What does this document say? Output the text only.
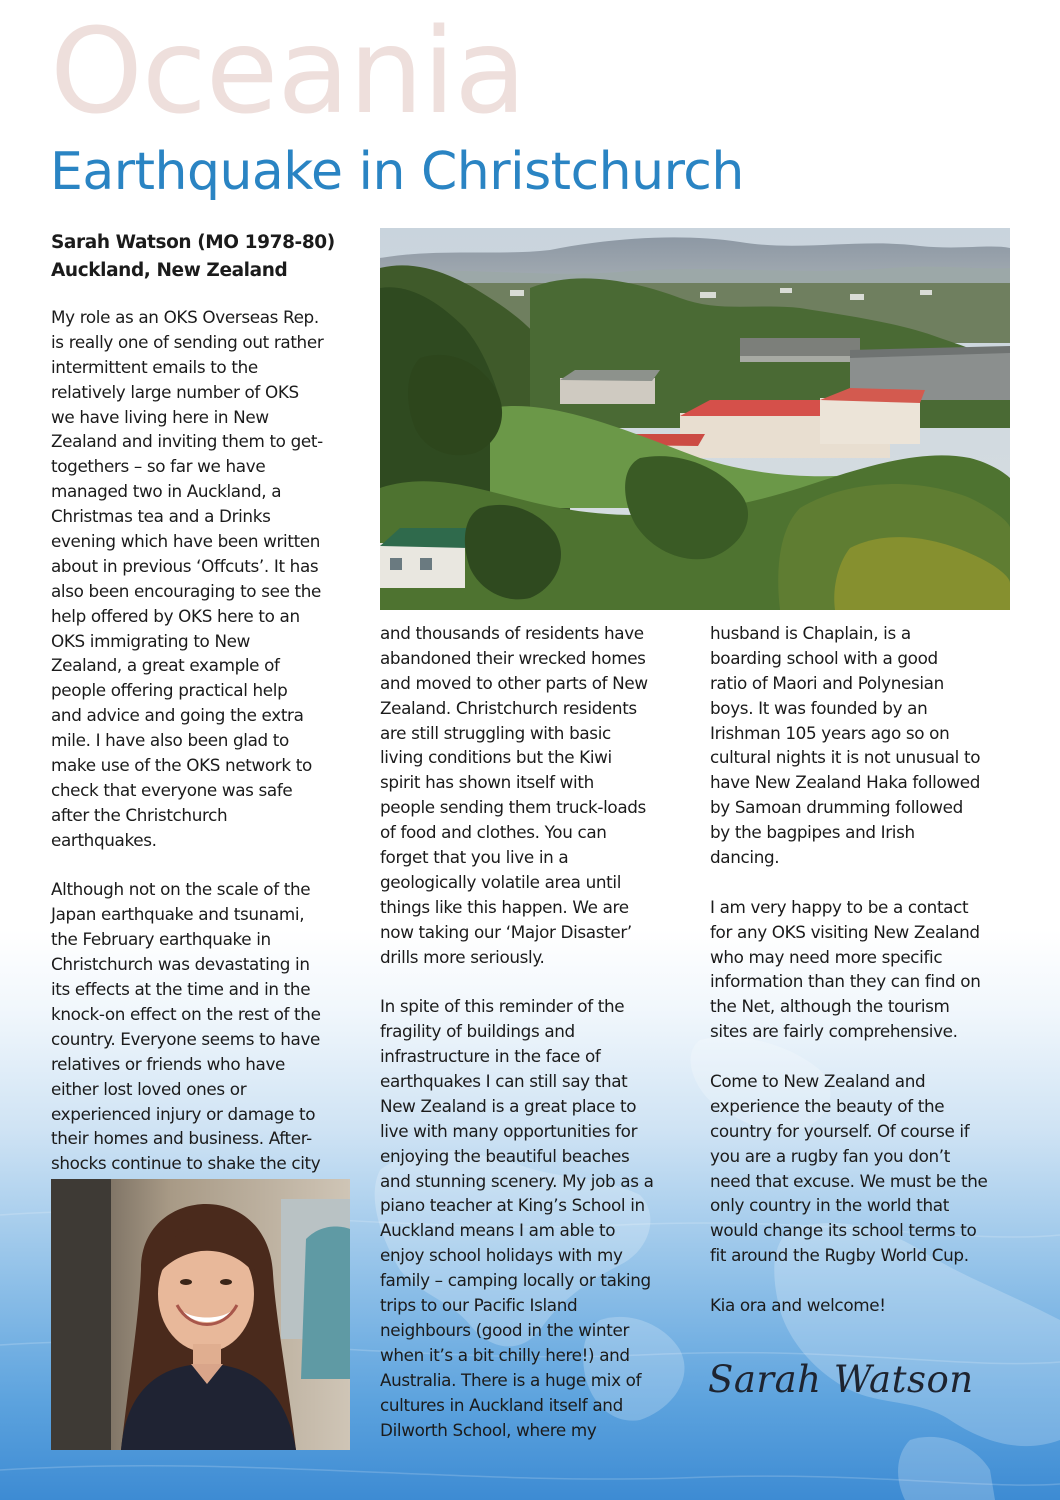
Oceania
Earthquake in Christchurch
Sarah Watson (MO 1978-80)
Auckland, New Zealand
My role as an OKS Overseas Rep.
is really one of sending out rather
intermittent emails to the
relatively large number of OKS
we have living here in New
Zealand and inviting them to get-
togethers – so far we have
managed two in Auckland, a
Christmas tea and a Drinks
evening which have been written
about in previous ‘Offcuts’. It has
also been encouraging to see the
help offered by OKS here to an
OKS immigrating to New
Zealand, a great example of
people offering practical help
and advice and going the extra
mile. I have also been glad to
make use of the OKS network to
check that everyone was safe
after the Christchurch
earthquakes.
Although not on the scale of the
Japan earthquake and tsunami,
the February earthquake in
Christchurch was devastating in
its effects at the time and in the
knock-on effect on the rest of the
country. Everyone seems to have
relatives or friends who have
either lost loved ones or
experienced injury or damage to
their homes and business. After-
shocks continue to shake the city
and thousands of residents have
abandoned their wrecked homes
and moved to other parts of New
Zealand. Christchurch residents
are still struggling with basic
living conditions but the Kiwi
spirit has shown itself with
people sending them truck-loads
of food and clothes. You can
forget that you live in a
geologically volatile area until
things like this happen. We are
now taking our ‘Major Disaster’
drills more seriously.
In spite of this reminder of the
fragility of buildings and
infrastructure in the face of
earthquakes I can still say that
New Zealand is a great place to
live with many opportunities for
enjoying the beautiful beaches
and stunning scenery. My job as a
piano teacher at King’s School in
Auckland means I am able to
enjoy school holidays with my
family – camping locally or taking
trips to our Pacific Island
neighbours (good in the winter
when it’s a bit chilly here!) and
Australia. There is a huge mix of
cultures in Auckland itself and
Dilworth School, where my
husband is Chaplain, is a
boarding school with a good
ratio of Maori and Polynesian
boys. It was founded by an
Irishman 105 years ago so on
cultural nights it is not unusual to
have New Zealand Haka followed
by Samoan drumming followed
by the bagpipes and Irish
dancing.
I am very happy to be a contact
for any OKS visiting New Zealand
who may need more specific
information than they can find on
the Net, although the tourism
sites are fairly comprehensive.
Come to New Zealand and
experience the beauty of the
country for yourself. Of course if
you are a rugby fan you don’t
need that excuse. We must be the
only country in the world that
would change its school terms to
fit around the Rugby World Cup.
Kia ora and welcome!
Sarah Watson
